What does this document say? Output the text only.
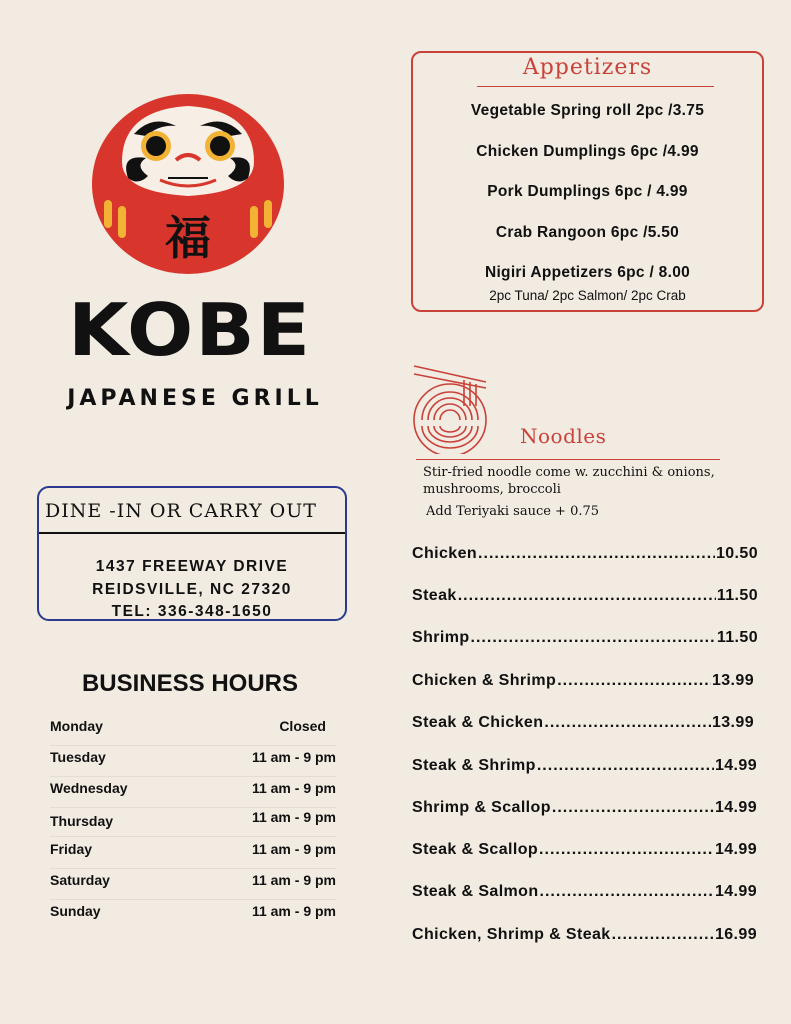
福
KOBE
JAPANESE GRILL
DINE -IN OR CARRY OUT
1437 FREEWAY DRIVE
REIDSVILLE, NC 27320
TEL: 336-348-1650
BUSINESS HOURS
Monday	Closed
Tuesday	11 am - 9 pm
Wednesday	11 am - 9 pm
Thursday	11 am - 9 pm
Friday	11 am - 9 pm
Saturday	11 am - 9 pm
Sunday	11 am - 9 pm
Appetizers
Vegetable Spring roll 2pc /3.75
Chicken Dumplings 6pc /4.99
Pork Dumplings 6pc / 4.99
Crab Rangoon 6pc /5.50
Nigiri Appetizers 6pc / 8.00
2pc Tuna/ 2pc Salmon/ 2pc Crab
Noodles
Stir-fried noodle come w. zucchini & onions, mushrooms, broccoli
Add Teriyaki sauce + 0.75
Chicken .....	10.50
Steak .....	11.50
Shrimp .....	11.50
Chicken & Shrimp .....	13.99
Steak & Chicken .....	13.99
Steak & Shrimp .....	14.99
Shrimp & Scallop .....	14.99
Steak & Scallop .....	14.99
Steak & Salmon .....	14.99
Chicken, Shrimp & Steak .....	16.99
